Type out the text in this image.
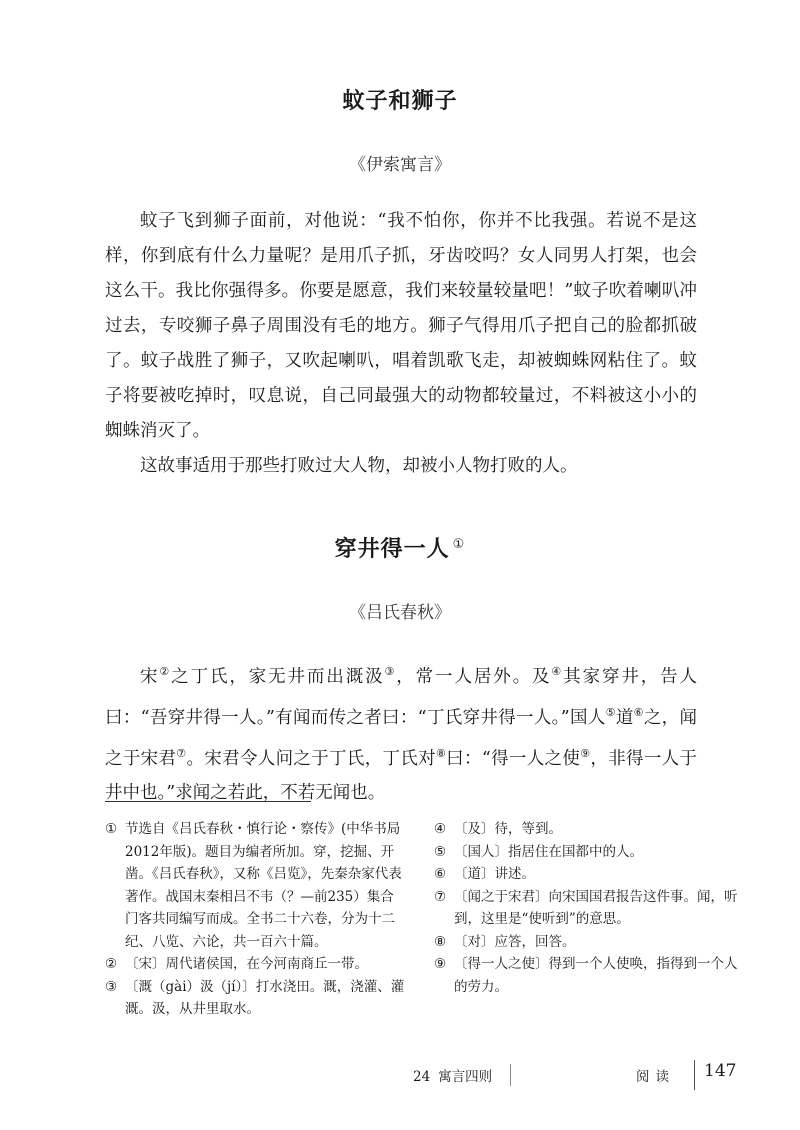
蚊子和狮子
《伊索寓言》

蚊子飞到狮子面前，对他说：“我不怕你，你并不比我强。若说不是这样，你到底有什么力量呢？是用爪子抓，牙齿咬吗？女人同男人打架，也会这么干。我比你强得多。你要是愿意，我们来较量较量吧！”蚊子吹着喇叭冲过去，专咬狮子鼻子周围没有毛的地方。狮子气得用爪子把自己的脸都抓破了。蚊子战胜了狮子，又吹起喇叭，唱着凯歌飞走，却被蜘蛛网粘住了。蚊子将要被吃掉时，叹息说，自己同最强大的动物都较量过，不料被这小小的蜘蛛消灭了。

这故事适用于那些打败过大人物，却被小人物打败的人。

穿井得一人 ①
《吕氏春秋》

宋②之丁氏，家无井而出溉汲③，常一人居外。及④其家穿井，告人曰：“吾穿井得一人。”有闻而传之者曰：“丁氏穿井得一人。”国人⑤道⑥之，闻之于宋君⑦。宋君令人问之于丁氏，丁氏对⑧曰：“得一人之使⑨，非得一人于井中也。”求闻之若此，不若无闻也。

① 节选自《吕氏春秋・慎行论・察传》(中华书局2012年版)。题目为编者所加。穿，挖掘、开凿。《吕氏春秋》，又称《吕览》，先秦杂家代表著作。战国末秦相吕不韦（？—前235）集合门客共同编写而成。全书二十六卷，分为十二纪、八览、六论，共一百六十篇。
② 〔宋〕周代诸侯国，在今河南商丘一带。
③ 〔溉（gài）汲（jí）〕打水浇田。溉，浇灌、灌溉。汲，从井里取水。
④ 〔及〕待，等到。
⑤ 〔国人〕指居住在国都中的人。
⑥ 〔道〕讲述。
⑦ 〔闻之于宋君〕向宋国国君报告这件事。闻，听到，这里是“使听到”的意思。
⑧ 〔对〕应答，回答。
⑨ 〔得一人之使〕得到一个人使唤，指得到一个人的劳力。
24 寓言四则	阅读 147
